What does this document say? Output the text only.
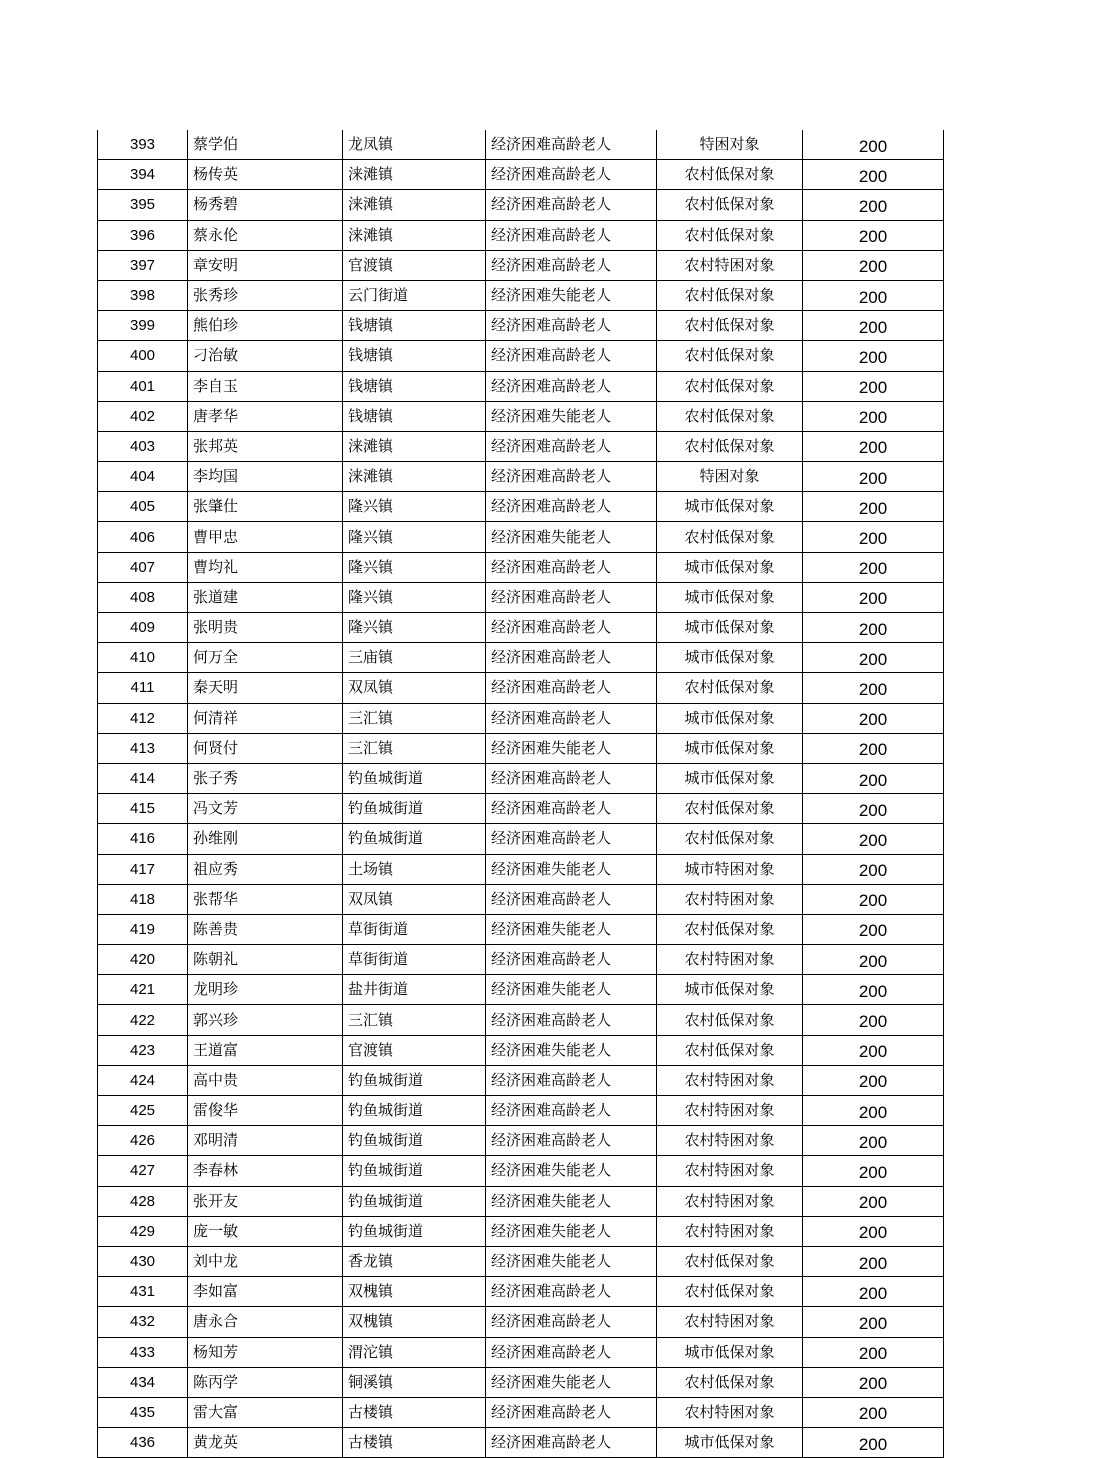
393	蔡学伯	龙凤镇	经济困难高龄老人	特困对象	200
394	杨传英	涞滩镇	经济困难高龄老人	农村低保对象	200
395	杨秀碧	涞滩镇	经济困难高龄老人	农村低保对象	200
396	蔡永伦	涞滩镇	经济困难高龄老人	农村低保对象	200
397	章安明	官渡镇	经济困难高龄老人	农村特困对象	200
398	张秀珍	云门街道	经济困难失能老人	农村低保对象	200
399	熊伯珍	钱塘镇	经济困难高龄老人	农村低保对象	200
400	刁治敏	钱塘镇	经济困难高龄老人	农村低保对象	200
401	李自玉	钱塘镇	经济困难高龄老人	农村低保对象	200
402	唐孝华	钱塘镇	经济困难失能老人	农村低保对象	200
403	张邦英	涞滩镇	经济困难高龄老人	农村低保对象	200
404	李均国	涞滩镇	经济困难高龄老人	特困对象	200
405	张肇仕	隆兴镇	经济困难高龄老人	城市低保对象	200
406	曹甲忠	隆兴镇	经济困难失能老人	农村低保对象	200
407	曹均礼	隆兴镇	经济困难高龄老人	城市低保对象	200
408	张道建	隆兴镇	经济困难高龄老人	城市低保对象	200
409	张明贵	隆兴镇	经济困难高龄老人	城市低保对象	200
410	何万全	三庙镇	经济困难高龄老人	城市低保对象	200
411	秦天明	双凤镇	经济困难高龄老人	农村低保对象	200
412	何清祥	三汇镇	经济困难高龄老人	城市低保对象	200
413	何贤付	三汇镇	经济困难失能老人	城市低保对象	200
414	张子秀	钓鱼城街道	经济困难高龄老人	城市低保对象	200
415	冯文芳	钓鱼城街道	经济困难高龄老人	农村低保对象	200
416	孙维刚	钓鱼城街道	经济困难高龄老人	农村低保对象	200
417	祖应秀	土场镇	经济困难失能老人	城市特困对象	200
418	张帮华	双凤镇	经济困难高龄老人	农村特困对象	200
419	陈善贵	草街街道	经济困难失能老人	农村低保对象	200
420	陈朝礼	草街街道	经济困难高龄老人	农村特困对象	200
421	龙明珍	盐井街道	经济困难失能老人	城市低保对象	200
422	郭兴珍	三汇镇	经济困难高龄老人	农村低保对象	200
423	王道富	官渡镇	经济困难失能老人	农村低保对象	200
424	高中贵	钓鱼城街道	经济困难高龄老人	农村特困对象	200
425	雷俊华	钓鱼城街道	经济困难高龄老人	农村特困对象	200
426	邓明清	钓鱼城街道	经济困难高龄老人	农村特困对象	200
427	李春林	钓鱼城街道	经济困难失能老人	农村特困对象	200
428	张开友	钓鱼城街道	经济困难失能老人	农村特困对象	200
429	庞一敏	钓鱼城街道	经济困难失能老人	农村特困对象	200
430	刘中龙	香龙镇	经济困难失能老人	农村低保对象	200
431	李如富	双槐镇	经济困难高龄老人	农村低保对象	200
432	唐永合	双槐镇	经济困难高龄老人	农村特困对象	200
433	杨知芳	渭沱镇	经济困难高龄老人	城市低保对象	200
434	陈丙学	铜溪镇	经济困难失能老人	农村低保对象	200
435	雷大富	古楼镇	经济困难高龄老人	农村特困对象	200
436	黄龙英	古楼镇	经济困难高龄老人	城市低保对象	200
